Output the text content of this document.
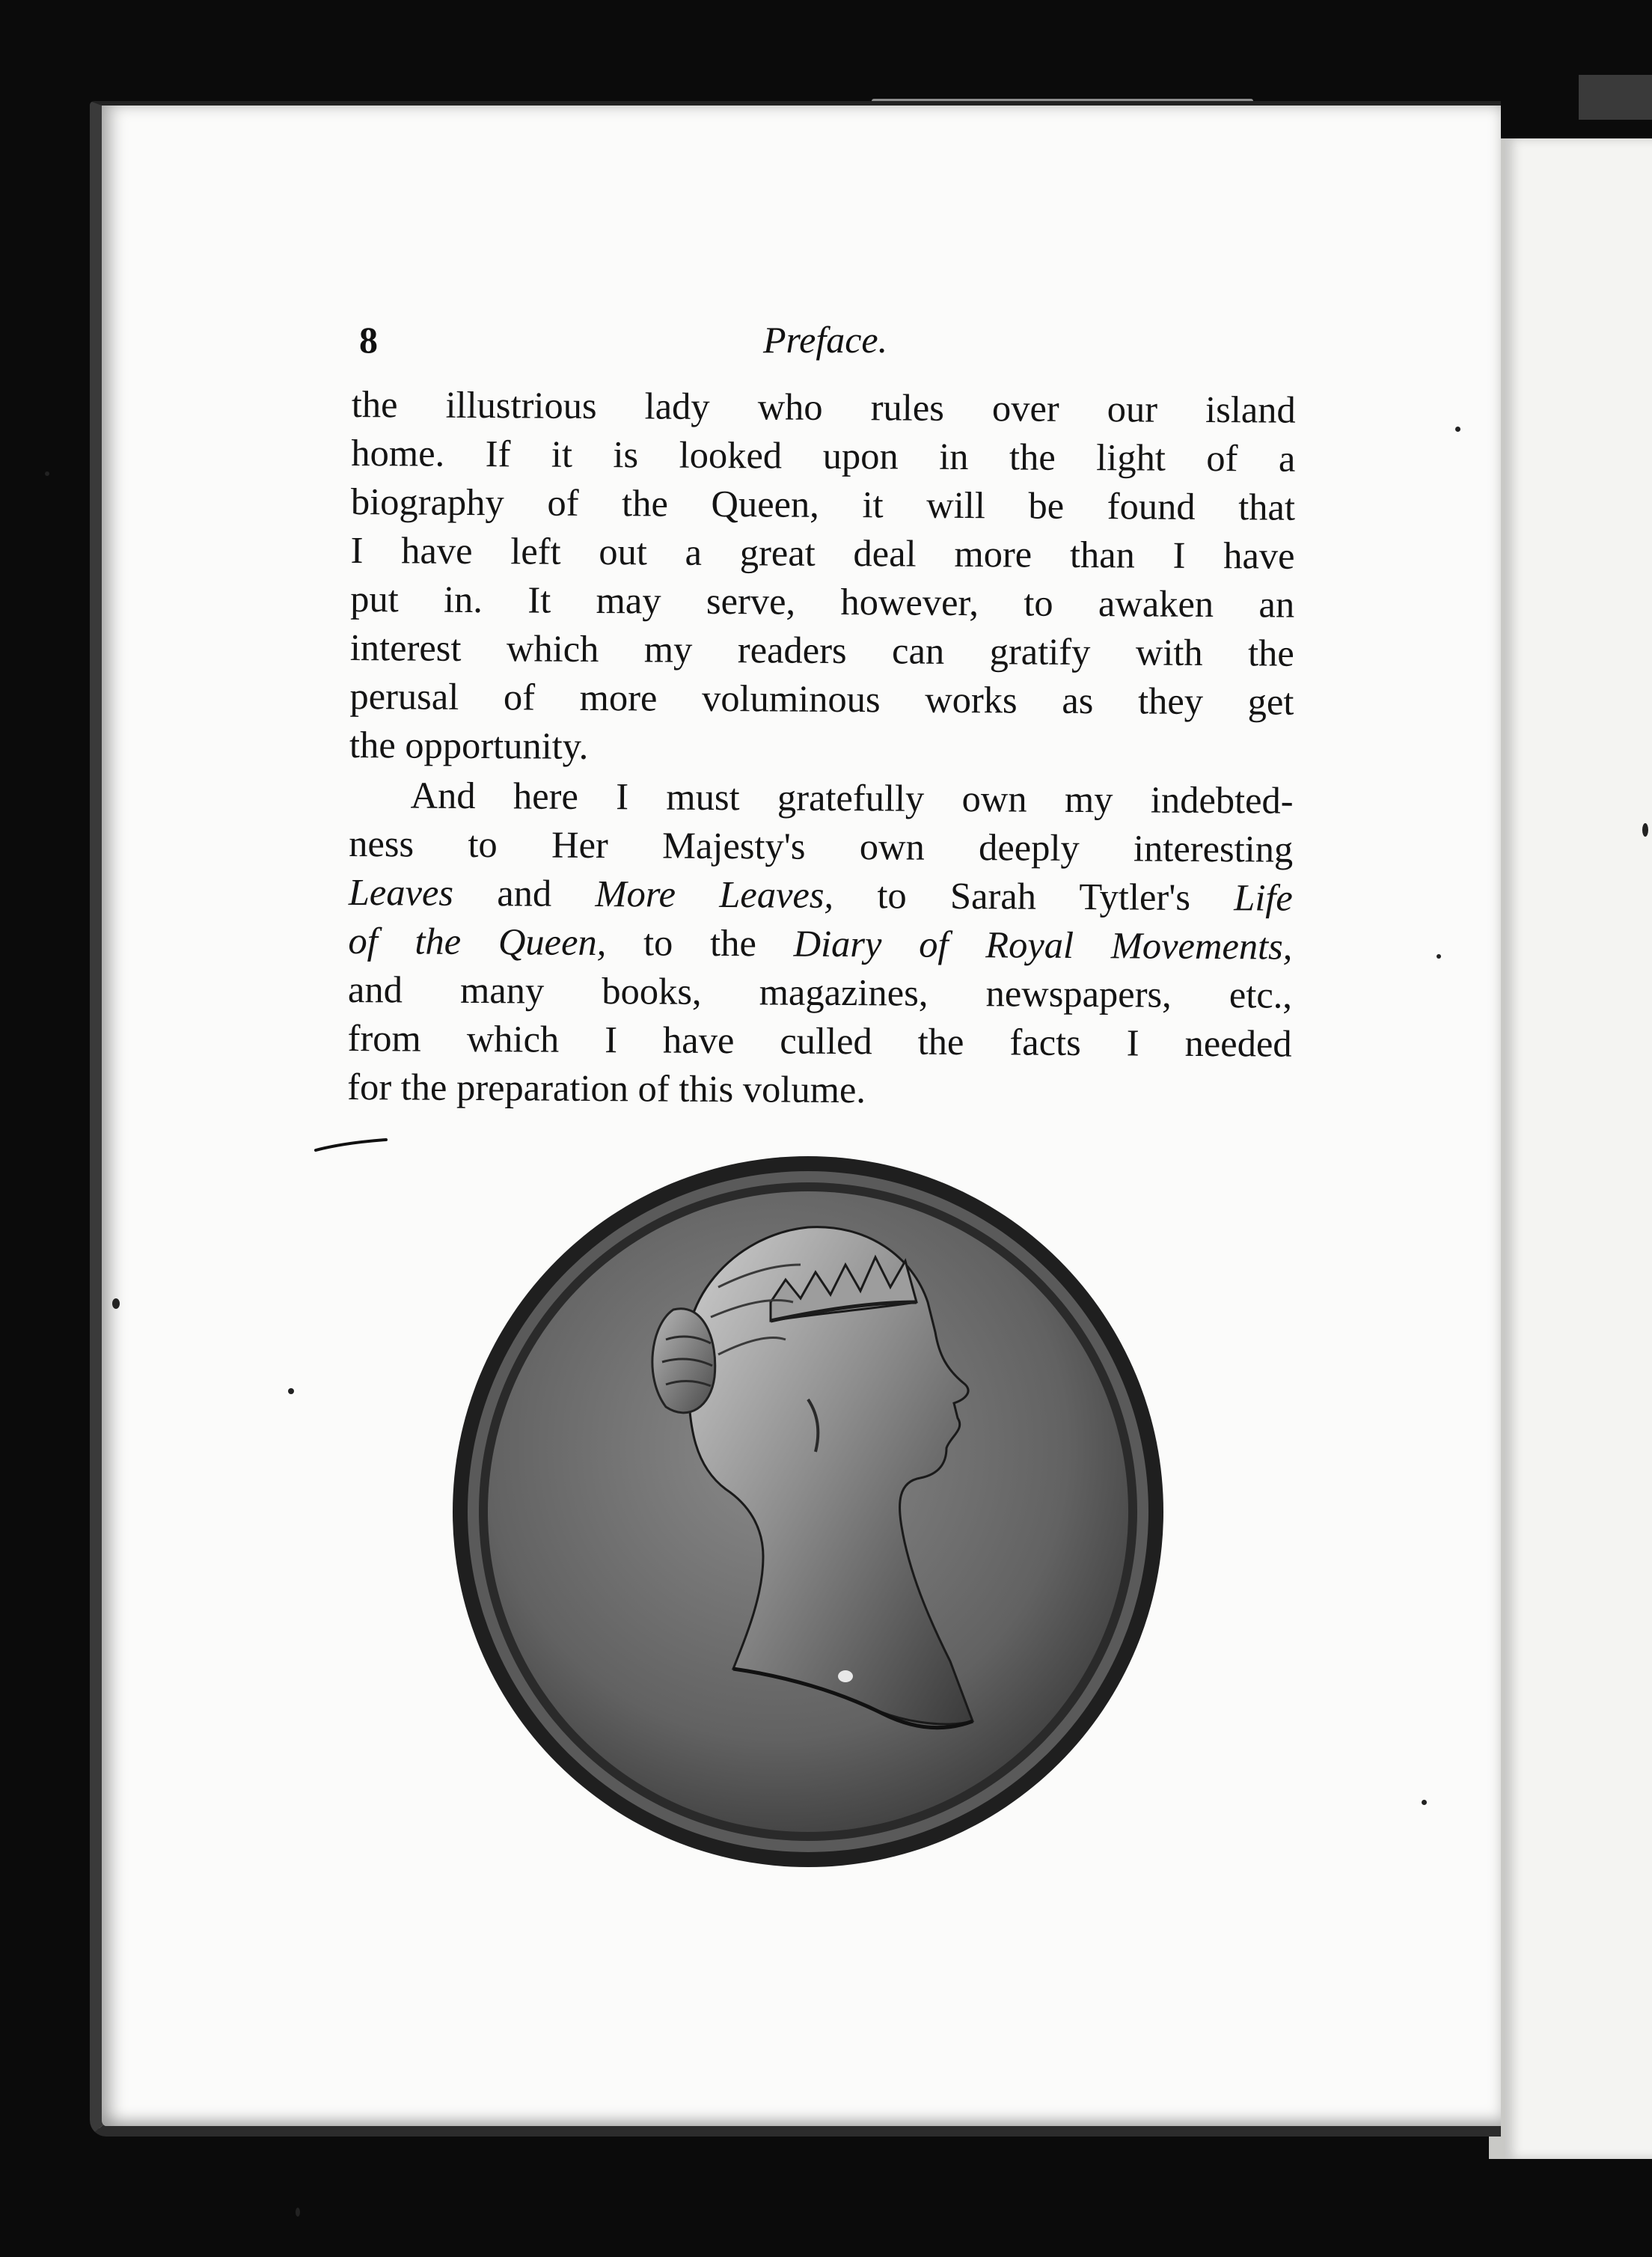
8	Preface.
the illustrious lady who rules over our island
home. If it is looked upon in the light of a
biography of the Queen, it will be found that
I have left out a great deal more than I have
put in. It may serve, however, to awaken an
interest which my readers can gratify with the
perusal of more voluminous works as they get
the opportunity.
And here I must gratefully own my indebted-
ness to Her Majesty's own deeply interesting
Leaves and More Leaves, to Sarah Tytler's Life
of the Queen, to the Diary of Royal Movements,
and many books, magazines, newspapers, etc.,
from which I have culled the facts I needed
for the preparation of this volume.
